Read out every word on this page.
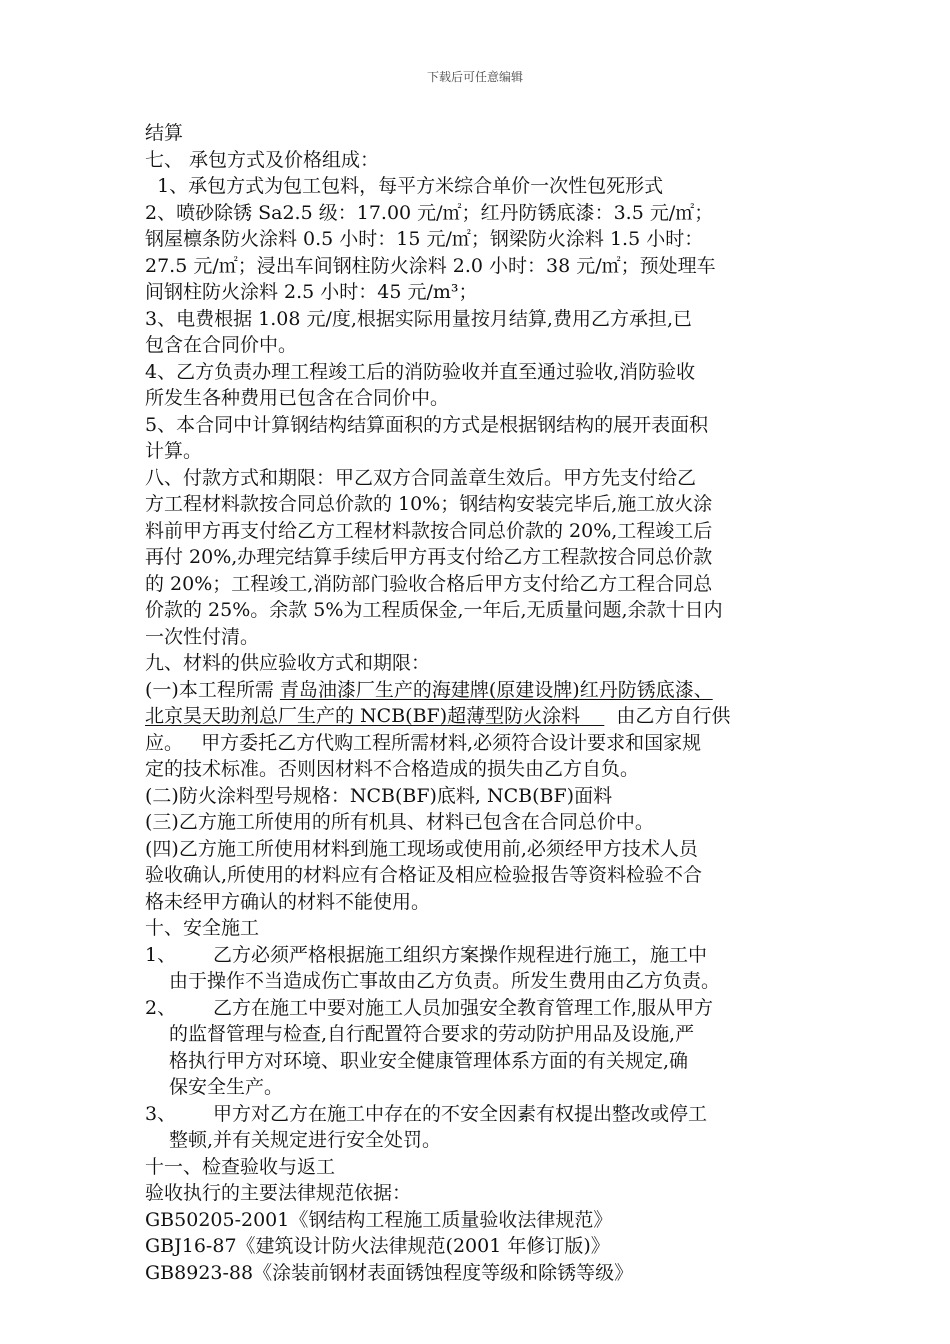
下载后可任意编辑
结算
七、 承包方式及价格组成：
1、承包方式为包工包料，每平方米综合单价一次性包死形式
2、喷砂除锈 Sa2.5 级：17.00 元/㎡；红丹防锈底漆：3.5 元/㎡；
钢屋檩条防火涂料 0.5 小时：15 元/㎡；钢梁防火涂料 1.5 小时：
27.5 元/㎡；浸出车间钢柱防火涂料 2.0 小时：38 元/㎡；预处理车
间钢柱防火涂料 2.5 小时：45 元/m³；
3、电费根据 1.08 元/度,根据实际用量按月结算,费用乙方承担,已
包含在合同价中。
4、乙方负责办理工程竣工后的消防验收并直至通过验收,消防验收
所发生各种费用已包含在合同价中。
5、本合同中计算钢结构结算面积的方式是根据钢结构的展开表面积
计算。
八、付款方式和期限：甲乙双方合同盖章生效后。甲方先支付给乙
方工程材料款按合同总价款的 10%；钢结构安装完毕后,施工放火涂
料前甲方再支付给乙方工程材料款按合同总价款的 20%,工程竣工后
再付 20%,办理完结算手续后甲方再支付给乙方工程款按合同总价款
的 20%；工程竣工,消防部门验收合格后甲方支付给乙方工程合同总
价款的 25%。余款 5%为工程质保金,一年后,无质量问题,余款十日内
一次性付清。
九、材料的供应验收方式和期限：
(一)本工程所需 青岛油漆厂生产的海建牌(原建设牌)红丹防锈底漆、
北京昊天助剂总厂生产的 NCB(BF)超薄型防火涂料      由乙方自行供
应。   甲方委托乙方代购工程所需材料,必须符合设计要求和国家规
定的技术标准。否则因材料不合格造成的损失由乙方自负。
(二)防火涂料型号规格：NCB(BF)底料, NCB(BF)面料
(三)乙方施工所使用的所有机具、材料已包含在合同总价中。
(四)乙方施工所使用材料到施工现场或使用前,必须经甲方技术人员
验收确认,所使用的材料应有合格证及相应检验报告等资料检验不合
格未经甲方确认的材料不能使用。
十、安全施工
1、 乙方必须严格根据施工组织方案操作规程进行施工，施工中
由于操作不当造成伤亡事故由乙方负责。所发生费用由乙方负责。
2、 乙方在施工中要对施工人员加强安全教育管理工作,服从甲方
的监督管理与检查,自行配置符合要求的劳动防护用品及设施,严
格执行甲方对环境、职业安全健康管理体系方面的有关规定,确
保安全生产。
3、 甲方对乙方在施工中存在的不安全因素有权提出整改或停工
整顿,并有关规定进行安全处罚。
十一、检查验收与返工
验收执行的主要法律规范依据：
GB50205-2001《钢结构工程施工质量验收法律规范》
GBJ16-87《建筑设计防火法律规范(2001 年修订版)》
GB8923-88《涂装前钢材表面锈蚀程度等级和除锈等级》
